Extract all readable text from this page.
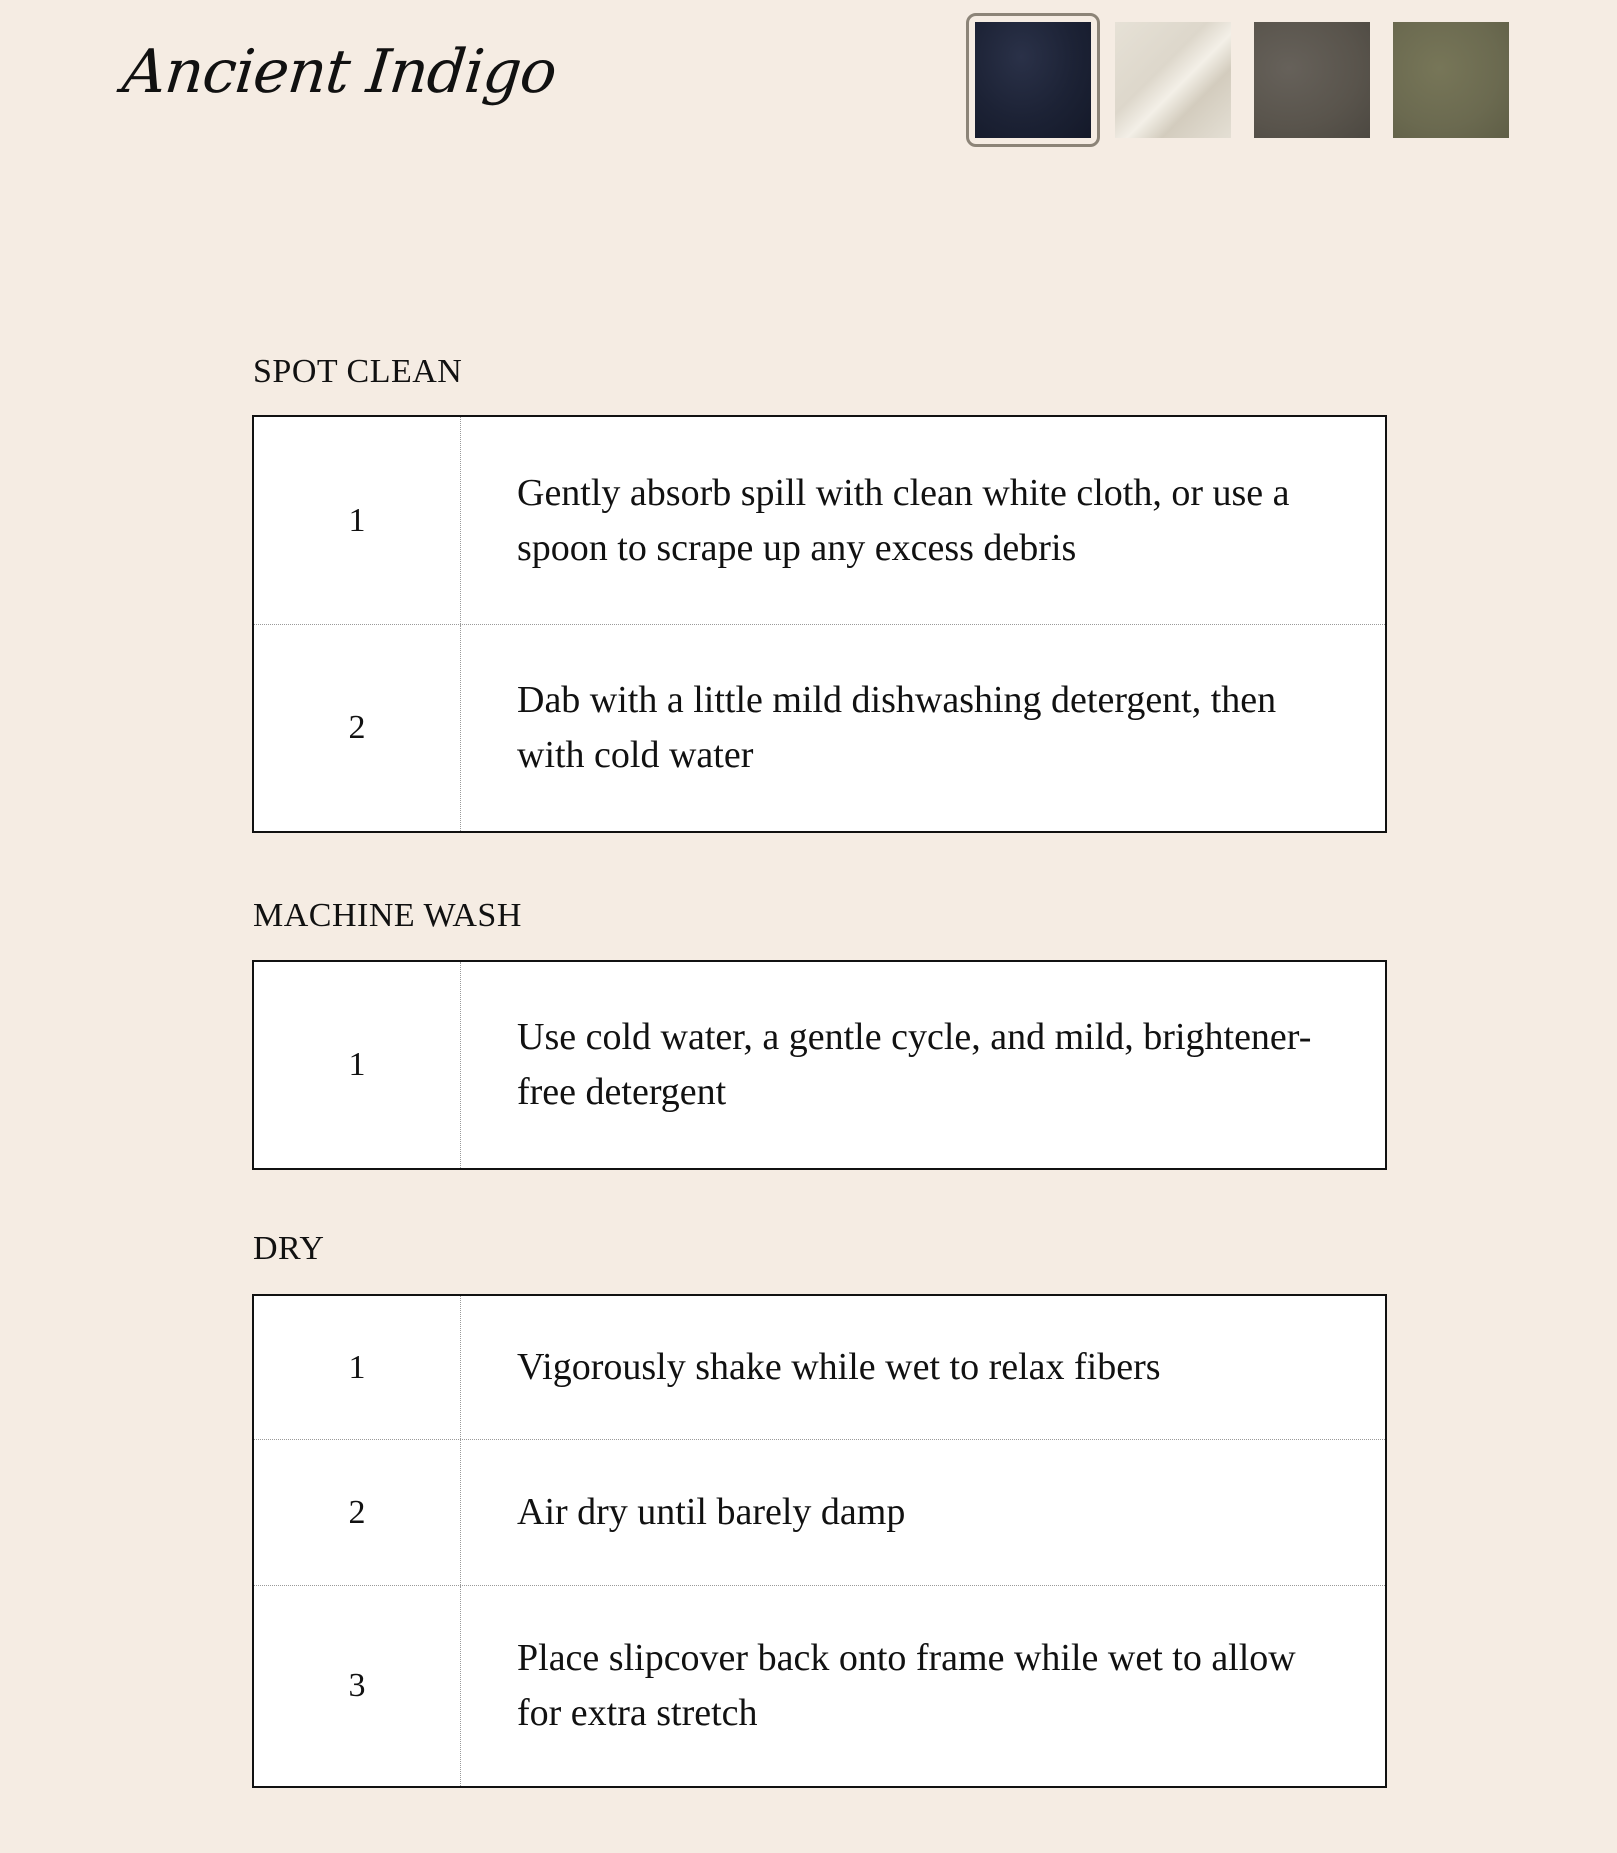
Ancient Indigo
SPOT CLEAN
1
Gently absorb spill with clean white cloth, or use a spoon to scrape up any excess debris
2
Dab with a little mild dishwashing detergent, then with cold water
MACHINE WASH
1
Use cold water, a gentle cycle, and mild, brightener-free detergent
DRY
1	Vigorously shake while wet to relax fibers
2	Air dry until barely damp
3
Place slipcover back onto frame while wet to allow for extra stretch
